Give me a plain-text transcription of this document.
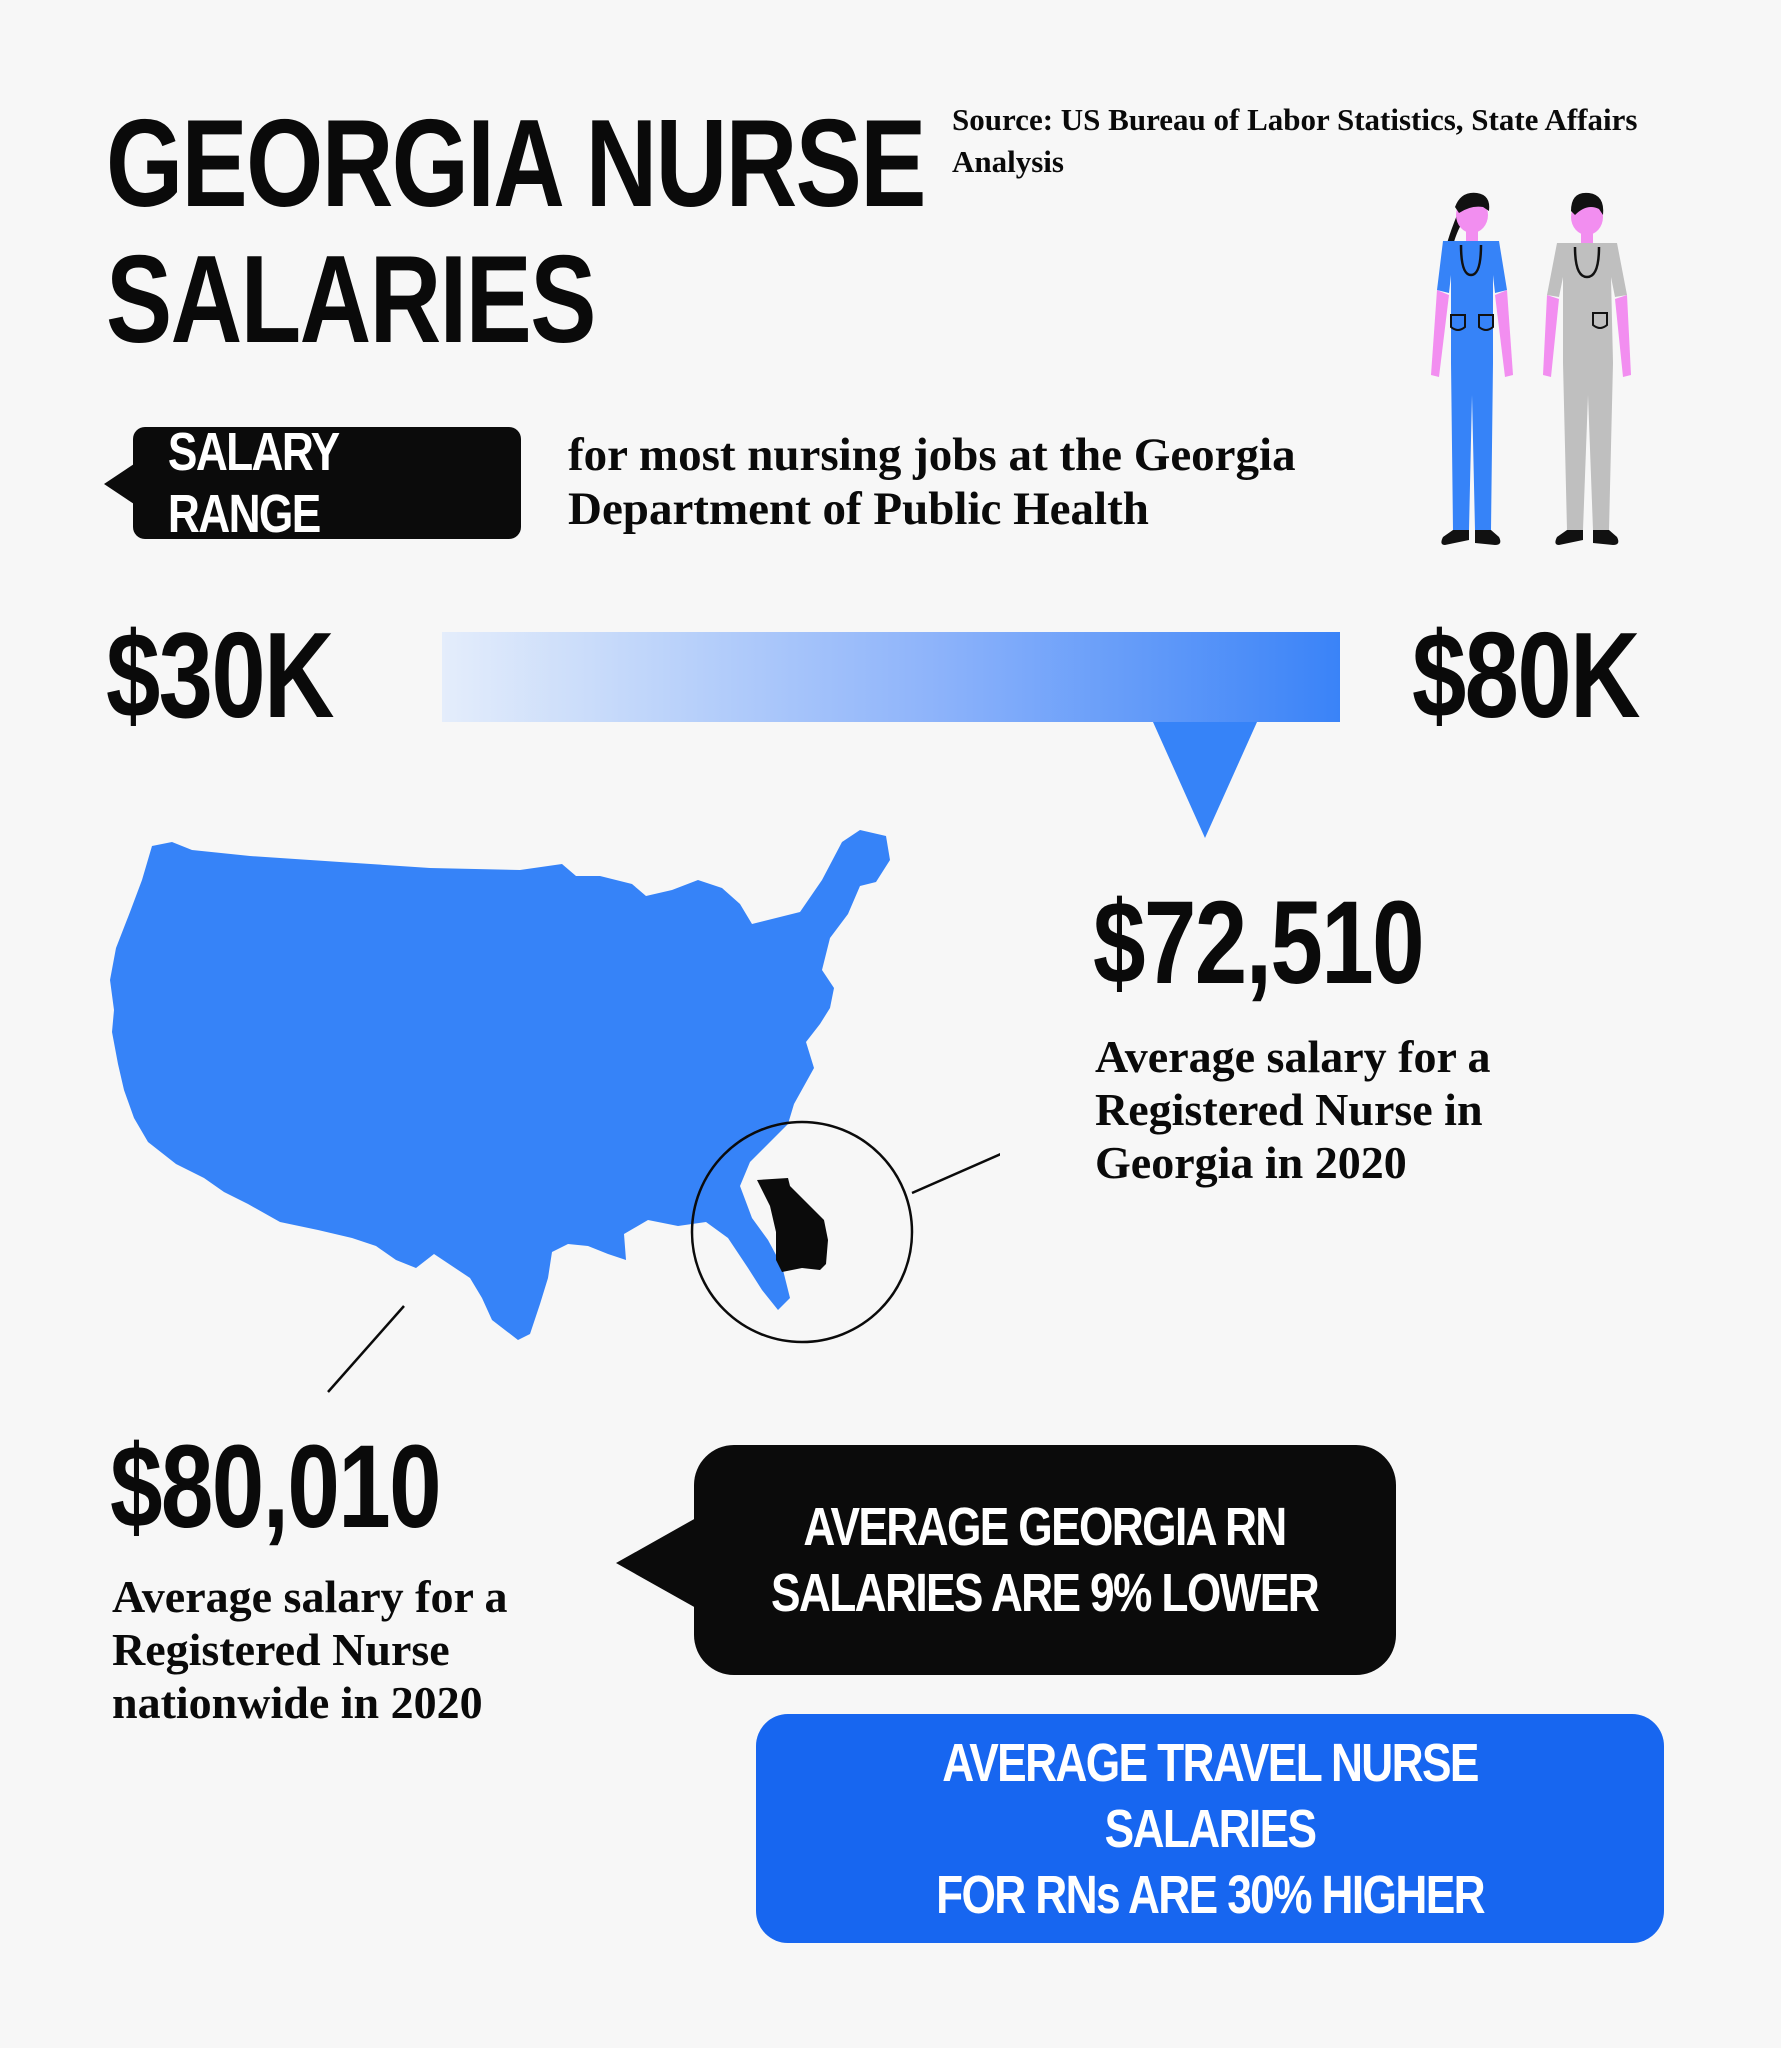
GEORGIA NURSE
SALARIES
Source: US Bureau of Labor Statistics, State Affairs Analysis
SALARY RANGE
for most nursing jobs at the Georgia Department of Public Health
$30K	$80K
$72,510
Average salary for a Registered Nurse in Georgia in 2020
$80,010
Average salary for a Registered Nurse nationwide in 2020
AVERAGE GEORGIA RN
SALARIES ARE 9% LOWER
AVERAGE TRAVEL NURSE SALARIES
FOR RNs ARE 30% HIGHER
